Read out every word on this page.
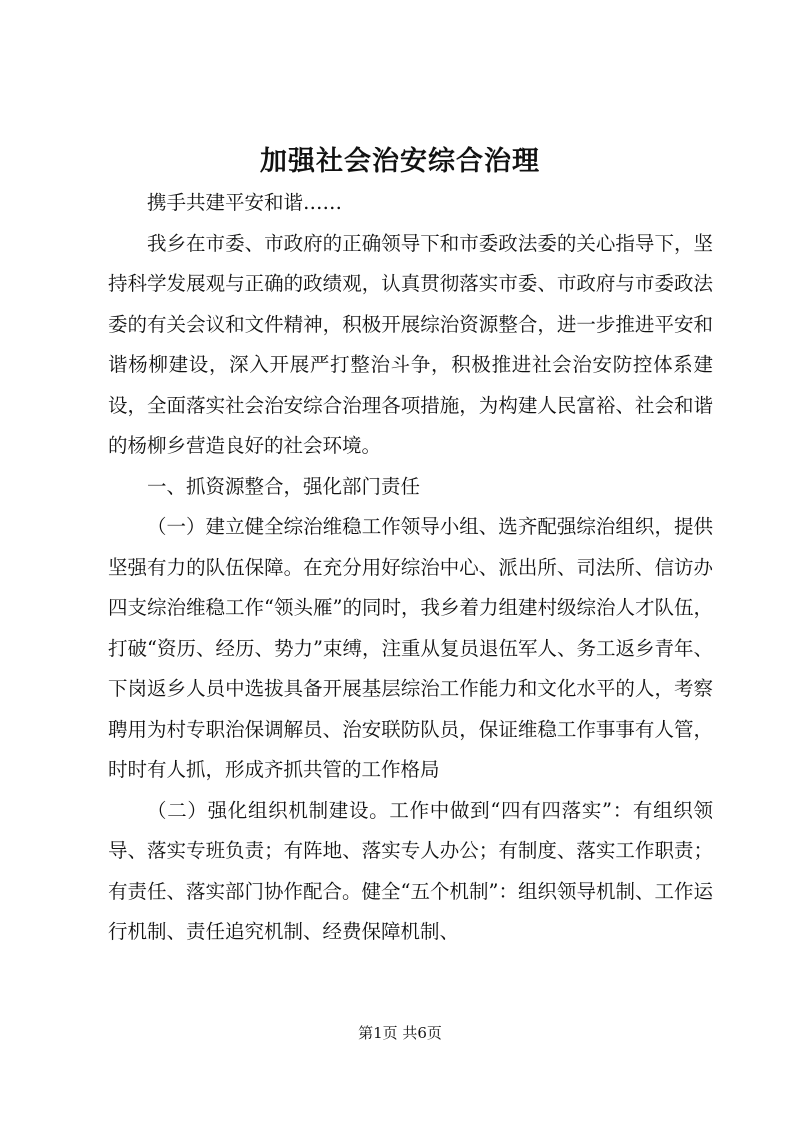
加强社会治安综合治理

携手共建平安和谐……

我乡在市委、市政府的正确领导下和市委政法委的关心指导下，坚持科学发展观与正确的政绩观，认真贯彻落实市委、市政府与市委政法委的有关会议和文件精神，积极开展综治资源整合，进一步推进平安和谐杨柳建设，深入开展严打整治斗争，积极推进社会治安防控体系建设，全面落实社会治安综合治理各项措施，为构建人民富裕、社会和谐的杨柳乡营造良好的社会环境。

一、抓资源整合，强化部门责任

（一）建立健全综治维稳工作领导小组、选齐配强综治组织，提供坚强有力的队伍保障。在充分用好综治中心、派出所、司法所、信访办四支综治维稳工作“领头雁”的同时，我乡着力组建村级综治人才队伍，打破“资历、经历、势力”束缚，注重从复员退伍军人、务工返乡青年、下岗返乡人员中选拔具备开展基层综治工作能力和文化水平的人，考察聘用为村专职治保调解员、治安联防队员，保证维稳工作事事有人管，时时有人抓，形成齐抓共管的工作格局

（二）强化组织机制建设。工作中做到“四有四落实”：有组织领导、落实专班负责；有阵地、落实专人办公；有制度、落实工作职责；有责任、落实部门协作配合。健全“五个机制”：组织领导机制、工作运行机制、责任追究机制、经费保障机制、

第1页 共6页
